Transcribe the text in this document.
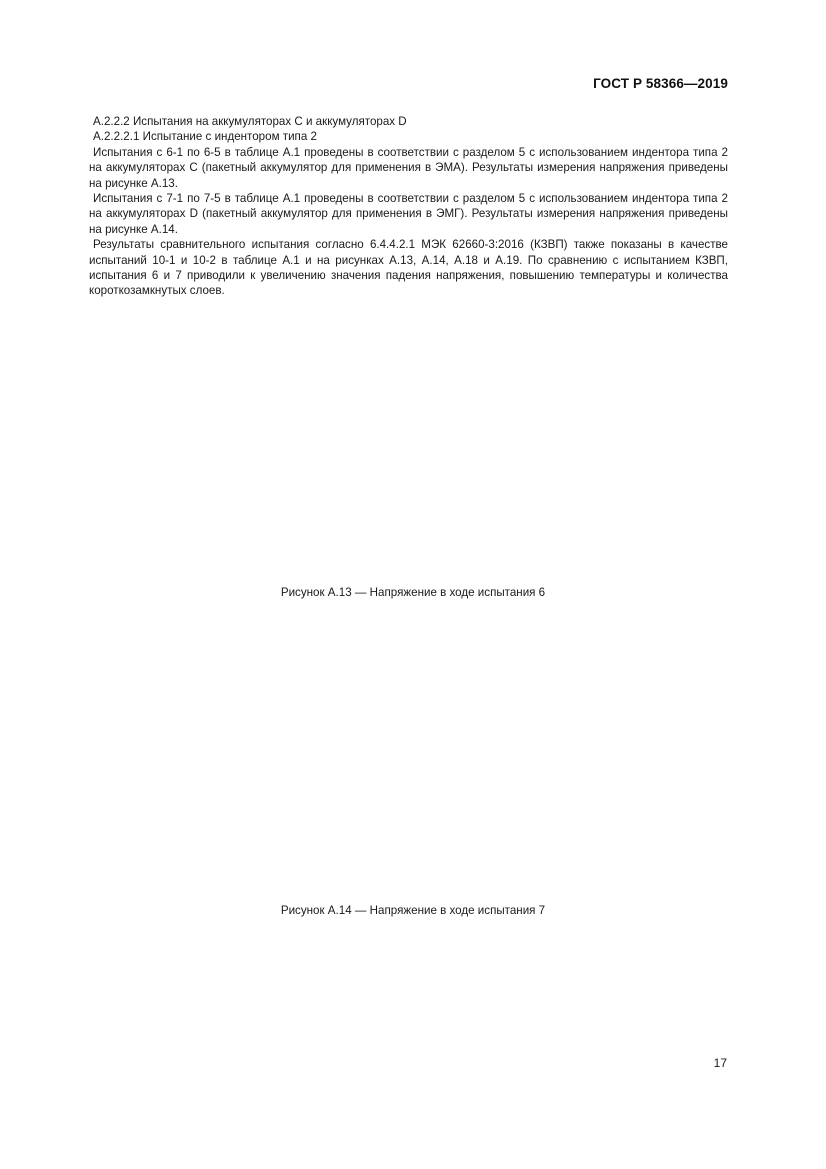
ГОСТ Р 58366—2019

А.2.2.2 Испытания на аккумуляторах C и аккумуляторах D

А.2.2.2.1 Испытание с индентором типа 2

Испытания с 6-1 по 6-5 в таблице А.1 проведены в соответствии с разделом 5 с использованием индентора типа 2 на аккумуляторах C (пакетный аккумулятор для применения в ЭМА). Результаты измерения напряжения приведены на рисунке А.13.

Испытания с 7-1 по 7-5 в таблице А.1 проведены в соответствии с разделом 5 с использованием индентора типа 2 на аккумуляторах D (пакетный аккумулятор для применения в ЭМГ). Результаты измерения напряжения приведены на рисунке А.14.

Результаты сравнительного испытания согласно 6.4.4.2.1 МЭК 62660-3:2016 (КЗВП) также показаны в качестве испытаний 10-1 и 10-2 в таблице А.1 и на рисунках А.13, А.14, А.18 и А.19. По сравнению с испытанием КЗВП, испытания 6 и 7 приводили к увеличению значения падения напряжения, повышению температуры и количества короткозамкнутых слоев.

Рисунок А.13 — Напряжение в ходе испытания 6
Рисунок А.14 — Напряжение в ходе испытания 7
17
